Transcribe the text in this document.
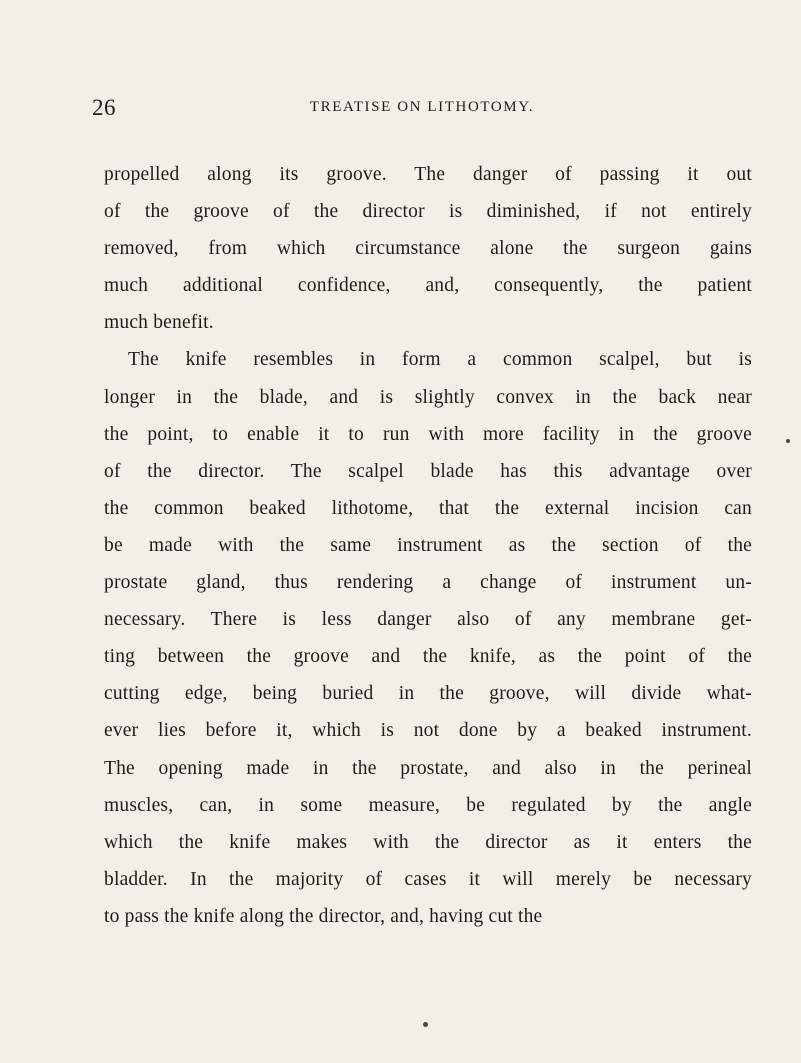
26	TREATISE ON LITHOTOMY.
propelled along its groove. The danger of passing it out
of the groove of the director is diminished, if not entirely
removed, from which circumstance alone the surgeon gains
much additional confidence, and, consequently, the patient
much benefit.
The knife resembles in form a common scalpel, but is
longer in the blade, and is slightly convex in the back near
the point, to enable it to run with more facility in the groove
of the director. The scalpel blade has this advantage over
the common beaked lithotome, that the external incision can
be made with the same instrument as the section of the
prostate gland, thus rendering a change of instrument un-
necessary. There is less danger also of any membrane get-
ting between the groove and the knife, as the point of the
cutting edge, being buried in the groove, will divide what-
ever lies before it, which is not done by a beaked instrument.
The opening made in the prostate, and also in the perineal
muscles, can, in some measure, be regulated by the angle
which the knife makes with the director as it enters the
bladder. In the majority of cases it will merely be necessary
to pass the knife along the director, and, having cut the
